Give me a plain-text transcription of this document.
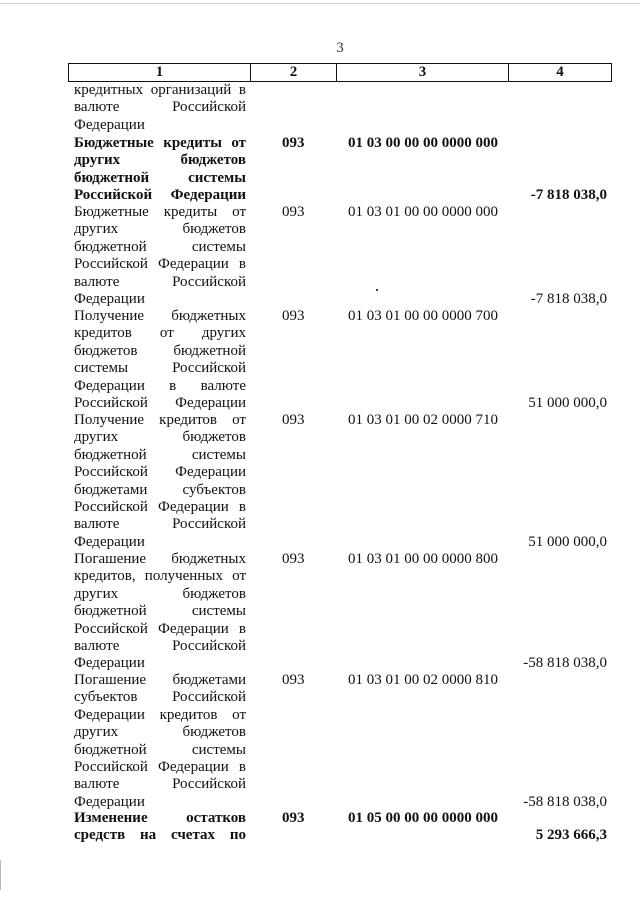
3
1	2	3	4
кредитных организаций в
валюте Российской
Федерации
Бюджетные кредиты от
других бюджетов
бюджетной системы
Российской Федерации
093	01 03 00 00 00 0000 000
-7 818 038,0
Бюджетные кредиты от
других бюджетов
бюджетной системы
Российской Федерации в
валюте Российской
Федерации
093	01 03 01 00 00 0000 000
-7 818 038,0
Получение бюджетных
кредитов от других
бюджетов бюджетной
системы Российской
Федерации в валюте
Российской Федерации
093	01 03 01 00 00 0000 700
51 000 000,0
Получение кредитов от
других бюджетов
бюджетной системы
Российской Федерации
бюджетами субъектов
Российской Федерации в
валюте Российской
Федерации
093	01 03 01 00 02 0000 710
51 000 000,0
Погашение бюджетных
кредитов, полученных от
других бюджетов
бюджетной системы
Российской Федерации в
валюте Российской
Федерации
093	01 03 01 00 00 0000 800
-58 818 038,0
Погашение бюджетами
субъектов Российской
Федерации кредитов от
других бюджетов
бюджетной системы
Российской Федерации в
валюте Российской
Федерации
093	01 03 01 00 02 0000 810
-58 818 038,0
Изменение остатков
средств на счетах по
093	01 05 00 00 00 0000 000
5 293 666,3
